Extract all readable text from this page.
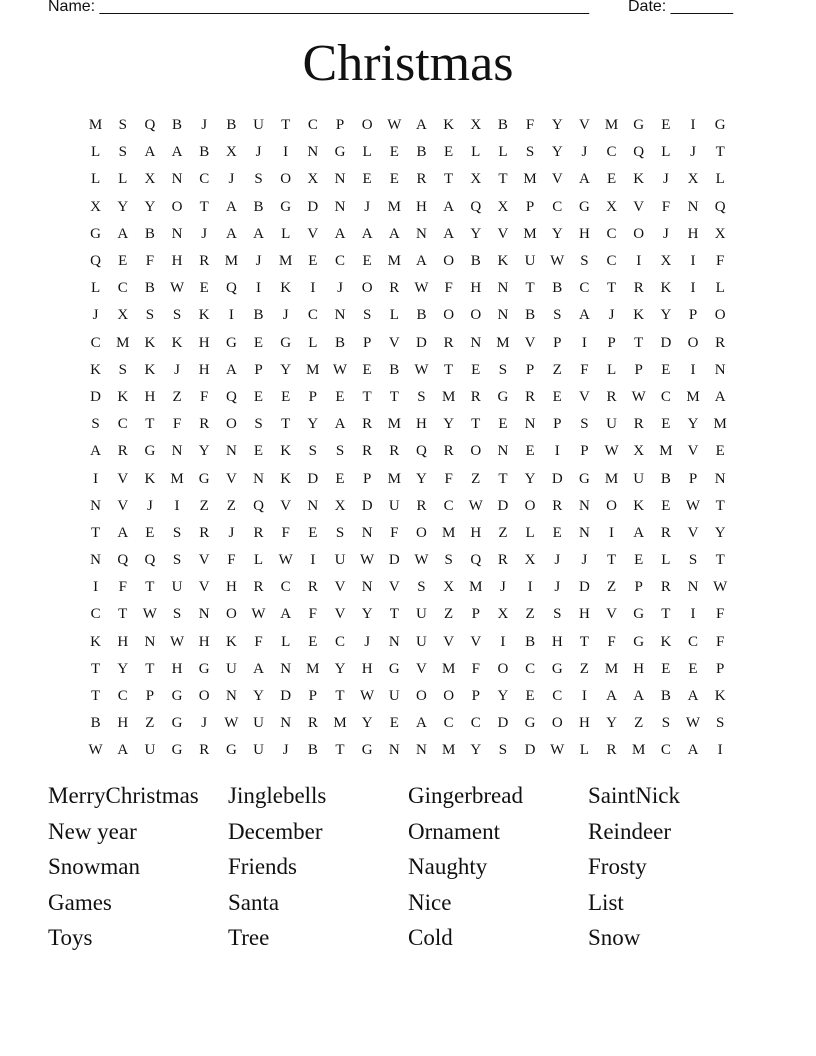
Name: _______________________________________________________ Date: _______
Christmas
M	S	Q	B	J	B	U	T	C	P	O W A	K	X	B	F	Y	V	M	G	E	I	G
L	S	A	A	B	X	J	I	N	G	L	E	B	E	L	L	S	Y	J	C	Q	L	J	T
L	L	X	N	C	J	S	O	X	N	E	E	R	T	X	T	M	V	A	E	K	J	X	L
X	Y	Y	O	T	A	B	G	D	N	J	M	H	A	Q	X	P	C	G	X	V	F	N	Q
G	A	B	N	J	A	A	L	V	A	A	A	N	A	Y	V	M	Y	H	C	O	J	H	X
Q	E	F	H	R	M	J	M	E	C	E	M	A	O	B	K	U W	S	C	I	X	I	F
L	C	B	W	E	Q	I	K	I	J	O	R	W	F	H	N	T	B	C	T	R	K	I	L
J	X	S	S	K	I	B	J	C	N	S	L	B	O	O	N	B	S	A	J	K	Y	P	O
C	M	K	K	H	G	E	G	L	B	P	V	D	R	N	M	V	P	I	P	T	D	O	R
K	S	K	J	H	A	P	Y	M W	E	B	W	T	E	S	P	Z	F	L	P	E	I	N
D	K	H	Z	F	Q	E	E	P	E	T	T	S	M	R	G	R	E	V	R	W	C	M	A
S	C	T	F	R	O	S	T	Y	A	R	M	H	Y	T	E	N	P	S	U	R	E	Y	M
A	R	G	N	Y	N	E	K	S	S	R	R	Q	R	O	N	E	I	P	W X	M	V	E
I	V	K	M	G	V	N	K	D	E	P	M	Y	F	Z	T	Y	D	G	M	U	B	P	N
N	V	J	I	Z	Z	Q	V	N	X	D	U	R	C	W D	O	R	N	O	K	E	W	T
T	A	E	S	R	J	R	F	E	S	N	F	O	M	H	Z	L	E	N	I	A	R	V	Y
N	Q	Q	S	V	F	L	W	I	U W D W	S	Q	R	X	J	J	T	E	L	S	T
I	F	T	U	V	H	R	C	R	V	N	V	S	X	M	J	I	J	D	Z	P	R	N W
C	T	W	S	N	O W A	F	V	Y	T	U	Z	P	X	Z	S	H	V	G	T	I	F
K	H	N W H	K	F	L	E	C	J	N	U	V	V	I	B	H	T	F	G	K	C	F
T	Y	T	H	G	U	A	N	M	Y	H	G	V	M	F	O	C	G	Z	M	H	E	E	P
T	C	P	G	O	N	Y	D	P	T	W U	O	O	P	Y	E	C	I	A	A	B	A	K
B	H	Z	G	J	W U	N	R	M	Y	E	A	C	C	D	G	O	H	Y	Z	S	W	S
W A	U	G	R	G	U	J	B	T	G	N	N	M	Y	S	D W	L	R	M	C	A	I
MerryChristmas	Jinglebells	Gingerbread	SaintNick
New year	December	Ornament	Reindeer
Snowman	Friends	Naughty	Frosty
Games	Santa	Nice	List
Toys	Tree	Cold	Snow
